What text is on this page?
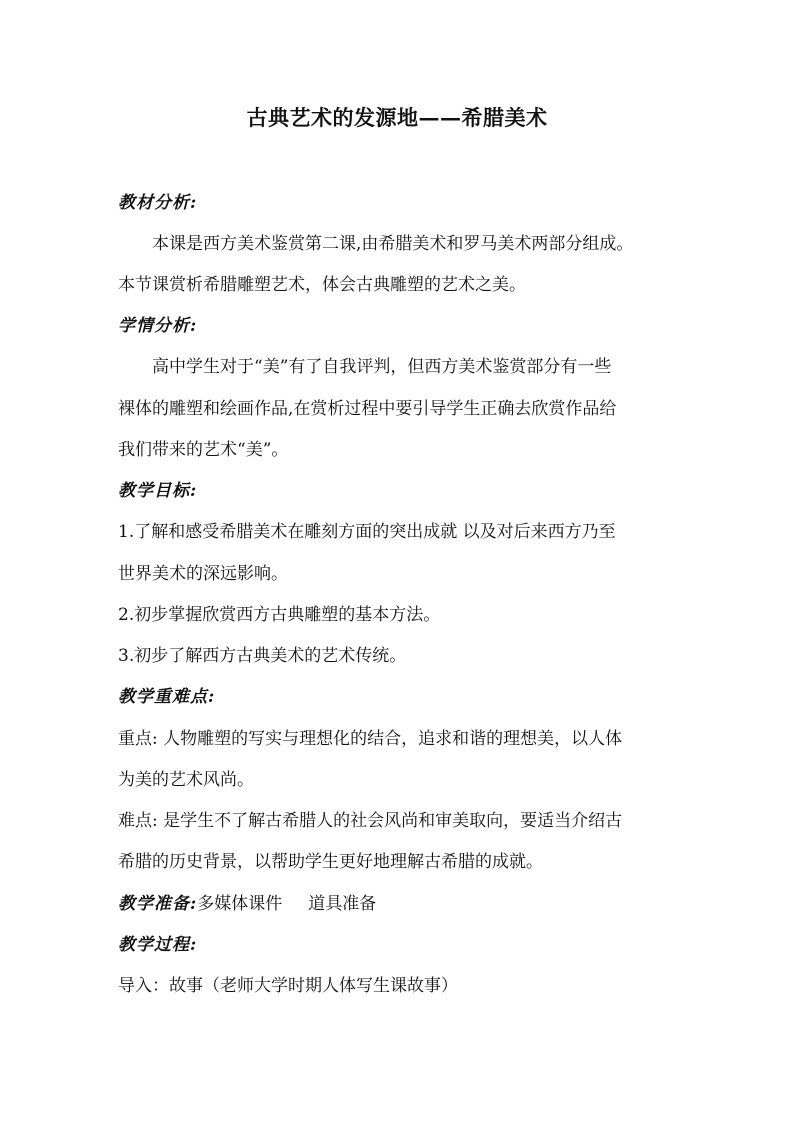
古典艺术的发源地——希腊美术
教材分析:
本课是西方美术鉴赏第二课,由希腊美术和罗马美术两部分组成。
本节课赏析希腊雕塑艺术，体会古典雕塑的艺术之美。
学情分析:
高中学生对于“美”有了自我评判，但西方美术鉴赏部分有一些
裸体的雕塑和绘画作品,在赏析过程中要引导学生正确去欣赏作品给
我们带来的艺术“美”。
教学目标:
1.了解和感受希腊美术在雕刻方面的突出成就 以及对后来西方乃至
世界美术的深远影响。
2.初步掌握欣赏西方古典雕塑的基本方法。
3.初步了解西方古典美术的艺术传统。
教学重难点:
重点: 人物雕塑的写实与理想化的结合，追求和谐的理想美，以人体
为美的艺术风尚。
难点: 是学生不了解古希腊人的社会风尚和审美取向，要适当介绍古
希腊的历史背景，以帮助学生更好地理解古希腊的成就。
教学准备:多媒体课件 道具准备
教学过程:
导入：故事（老师大学时期人体写生课故事）
